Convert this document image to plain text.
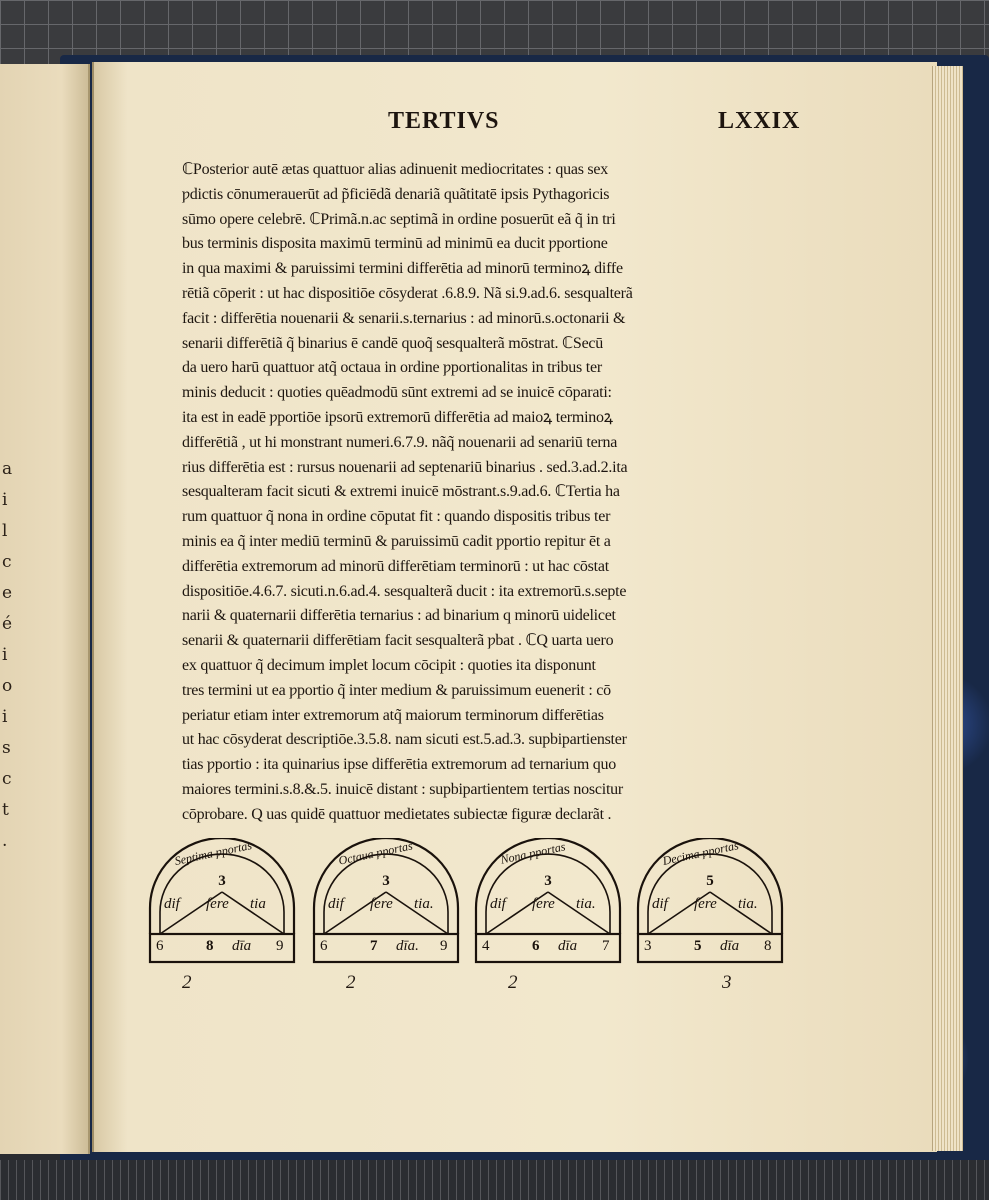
a
i
l
c
e
é
i
o
i
s
c
t
.
TERTIVS	LXXIX
ℂPosterior autē ætas quattuor alias adinuenit mediocritates : quas sex
ƿdictis cōnumerauerūt ad p̃ficiēdã denariã quãtitatē ipsis Pythagoricis
sūmo opere celebrē. ℂPrimã.n.ac septimã in ordine posuerūt eã q̃ in tri
bus terminis disposita maximū terminū ad minimū ea ducit ƿportione
in qua maximi & paruissimi termini differētia ad minorū terminoꝝ diffe
rētiã cōperit : ut hac dispositiōe cōsyderat .6.8.9. Nã si.9.ad.6. sesqualterã
facit : differētia nouenarii & senarii.s.ternarius : ad minorū.s.octonarii &
senarii differētiã q̃ binarius ē candē quoq̃ sesqualterã mōstrat. ℂSecū
da uero harū quattuor atq̃ octaua in ordine ƿportionalitas in tribus ter
minis deducit : quoties quēadmodū sūnt extremi ad se inuicē cōparati:
ita est in eadē ƿportiōe ipsorū extremorū differētia ad maioꝝ terminoꝝ
differētiã , ut hi monstrant numeri.6.7.9. nãq̃ nouenarii ad senariū terna
rius differētia est : rursus nouenarii ad septenariū binarius . sed.3.ad.2.ita
sesqualteram facit sicuti & extremi inuicē mōstrant.s.9.ad.6. ℂTertia ha
rum quattuor q̃ nona in ordine cōputat fit : quando dispositis tribus ter
minis ea q̃ inter mediū terminū & paruissimū cadit ƿportio repitur ēt a
differētia extremorum ad minorū differētiam terminorū : ut hac cōstat
dispositiōe.4.6.7. sicuti.n.6.ad.4. sesqualterã ducit : ita extremorū.s.septe
narii & quaternarii differētia ternarius : ad binarium q minorū uidelicet
senarii & quaternarii differētiam facit sesqualterã ƿbat . ℂQ uarta uero
ex quattuor q̃ decimum implet locum cōcipit : quoties ita disponunt
tres termini ut ea ƿportio q̃ inter medium & paruissimum euenerit : cō
periatur etiam inter extremorum atq̃ maiorum terminorum differētias
ut hac cōsyderat descriptiōe.3.5.8. nam sicuti est.5.ad.3. supbipartienster
tias ƿportio : ita quinarius ipse differētia extremorum ad ternarium quo
maiores termini.s.8.&.5. inuicē distant : supbipartientem tertias noscitur
cōprobare. Q uas quidē quattuor medietates subiectæ figuræ declarãt .
Septima ƿportas
3
dif fere tia
6	dīa
8	9
2
Octaua ƿportas
3
dif fere tia.
6	dīa.
7	9
2
Nona ƿportas
3
dif fere tia.
4	dīa
6	7
2
Decima ƿportas
5
dif fere tia.
3	dīa
5	8
3
